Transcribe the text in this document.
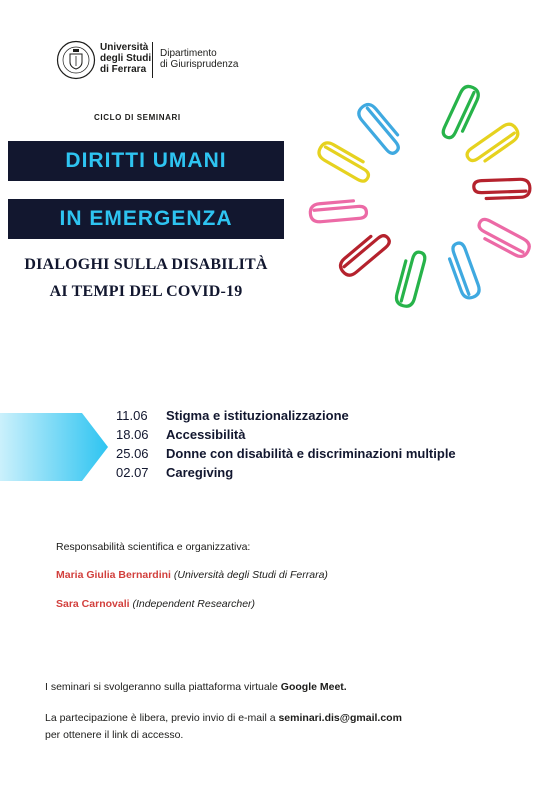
Università
degli Studi
di Ferrara
Dipartimento
di Giurisprudenza
CICLO DI SEMINARI
DIRITTI UMANI
IN EMERGENZA
DIALOGHI SULLA DISABILITÀ
AI TEMPI DEL COVID-19
11.06	Stigma e istituzionalizzazione
18.06	Accessibilità
25.06	Donne con disabilità e discriminazioni multiple
02.07	Caregiving
Responsabilità scientifica e organizzativa:
Maria Giulia Bernardini (Università degli Studi di Ferrara)
Sara Carnovali (Independent Researcher)
I seminari si svolgeranno sulla piattaforma virtuale Google Meet.
La partecipazione è libera, previo invio di e-mail a seminari.dis@gmail.com
per ottenere il link di accesso.
